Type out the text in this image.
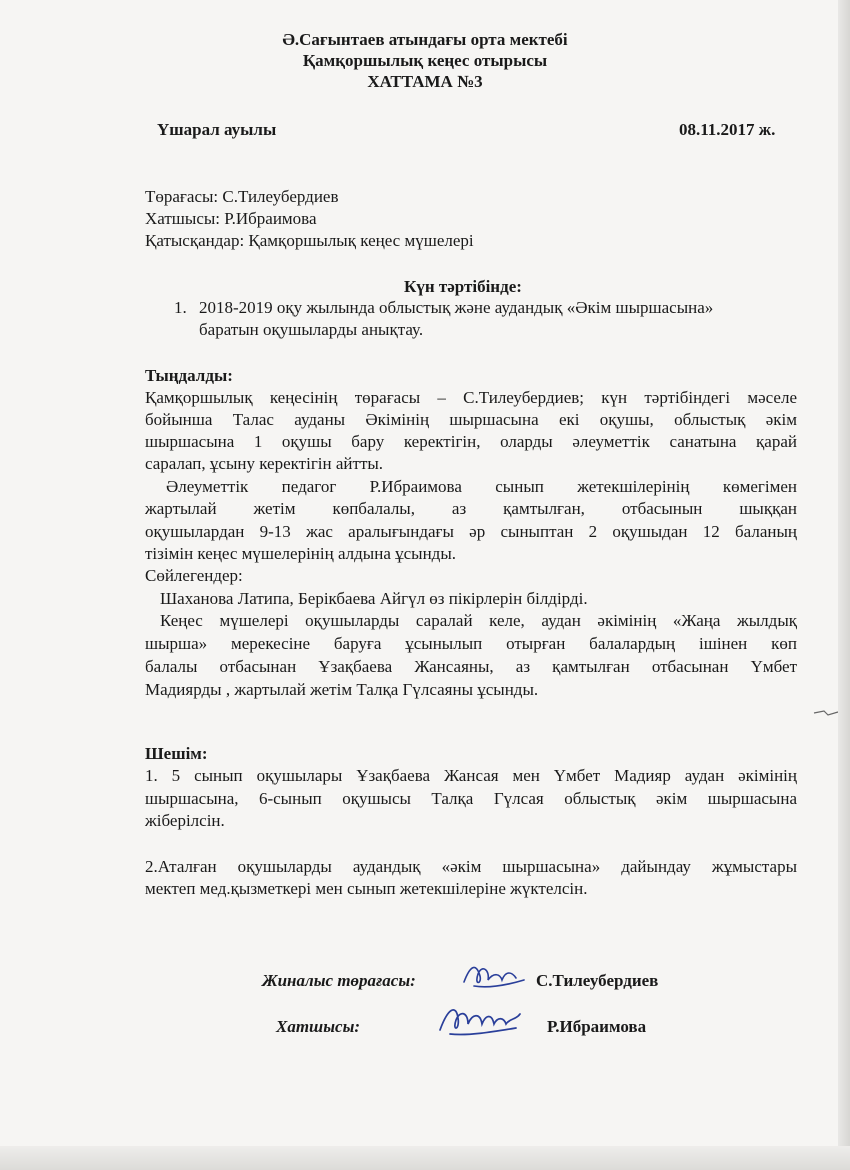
Ә.Сағынтаев атындағы орта мектебі
Қамқоршылық кеңес отырысы
ХАТТАМА №3
Үшарал ауылы	08.11.2017 ж.
Төрағасы: С.Тилеубердиев
Хатшысы: Р.Ибраимова
Қатысқандар: Қамқоршылық кеңес мүшелері
Күн тәртібінде:
1. 2018-2019 оқу жылында облыстық және аудандық «Әкім шыршасына»
баратын оқушыларды анықтау.
Тыңдалды:
Қамқоршылық кеңесінің төрағасы – С.Тилеубердиев; күн тәртібіндегі мәселе
бойынша Талас ауданы Әкімінің шыршасына екі оқушы, облыстық әкім
шыршасына 1 оқушы бару керектігін, оларды әлеуметтік санатына қарай
саралап, ұсыну керектігін айтты.
Әлеуметтік педагог Р.Ибраимова сынып жетекшілерінің көмегімен
жартылай жетім көпбалалы, аз қамтылған, отбасынын шыққан
оқушылардан 9-13 жас аралығындағы әр сыныптан 2 оқушыдан 12 баланың
тізімін кеңес мүшелерінің алдына ұсынды.
Сөйлегендер:
Шаханова Латипа, Берікбаева Айгүл өз пікірлерін білдірді.
Кеңес мүшелері оқушыларды саралай келе, аудан әкімінің «Жаңа жылдық
шырша» мерекесіне баруға ұсынылып отырған балалардың ішінен көп
балалы отбасынан Ұзақбаева Жансаяны, аз қамтылған отбасынан Үмбет
Мадиярды , жартылай жетім Талқа Гүлсаяны ұсынды.
Шешім:
1. 5 сынып оқушылары Ұзақбаева Жансая мен Үмбет Мадияр аудан әкімінің
шыршасына, 6-сынып оқушысы Талқа Гүлсая облыстық әкім шыршасына
жіберілсін.
2.Аталған оқушыларды аудандық «әкім шыршасына» дайындау жұмыстары
мектеп мед.қызметкері мен сынып жетекшілеріне жүктелсін.
Жиналыс төрағасы:	С.Тилеубердиев
Хатшысы:	Р.Ибраимова
